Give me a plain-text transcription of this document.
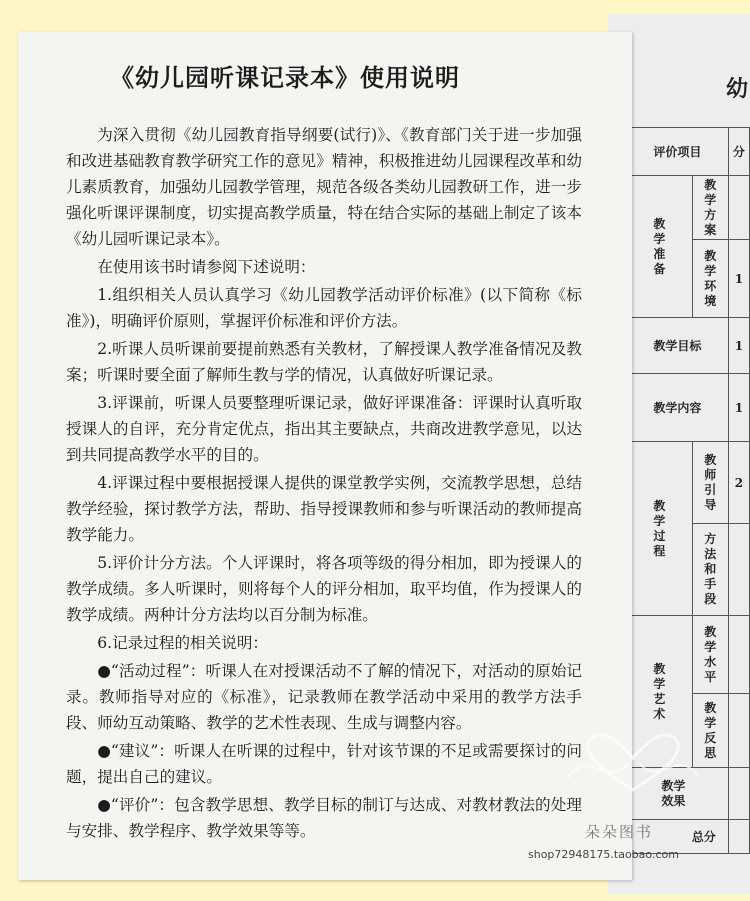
幼
评价项目		分

教学准备	教学方案	

	教学环境	1
教学目标		1
教学内容		1

教学过程	教师引导	2

	方法和手段	

教学艺术	教学水平	

	教学反思	

教学效果		

总分		
《幼儿园听课记录本》使用说明

为深入贯彻《幼儿园教育指导纲要(试行)》、《教育部门关于进一步加强和改进基础教育教学研究工作的意见》精神，积极推进幼儿园课程改革和幼儿素质教育，加强幼儿园教学管理，规范各级各类幼儿园教研工作，进一步强化听课评课制度，切实提高教学质量，特在结合实际的基础上制定了该本《幼儿园听课记录本》。

在使用该书时请参阅下述说明：

1.组织相关人员认真学习《幼儿园教学活动评价标准》(以下简称《标准》)，明确评价原则，掌握评价标准和评价方法。

2.听课人员听课前要提前熟悉有关教材，了解授课人教学准备情况及教案；听课时要全面了解师生教与学的情况，认真做好听课记录。

3.评课前，听课人员要整理听课记录，做好评课准备：评课时认真听取授课人的自评，充分肯定优点，指出其主要缺点，共商改进教学意见，以达到共同提高教学水平的目的。

4.评课过程中要根据授课人提供的课堂教学实例，交流教学思想，总结教学经验，探讨教学方法，帮助、指导授课教师和参与听课活动的教师提高教学能力。

5.评价计分方法。个人评课时，将各项等级的得分相加，即为授课人的教学成绩。多人听课时，则将每个人的评分相加，取平均值，作为授课人的教学成绩。两种计分方法均以百分制为标准。

6.记录过程的相关说明：

●“活动过程”：听课人在对授课活动不了解的情况下，对活动的原始记录。教师指导对应的《标准》，记录教师在教学活动中采用的教学方法手段、师幼互动策略、教学的艺术性表现、生成与调整内容。

●“建议”：听课人在听课的过程中，针对该节课的不足或需要探讨的问题，提出自己的建议。

●“评价”：包含教学思想、教学目标的制订与达成、对教材教法的处理与安排、教学程序、教学效果等等。	朵朵图书
shop72948175.taobao.com
